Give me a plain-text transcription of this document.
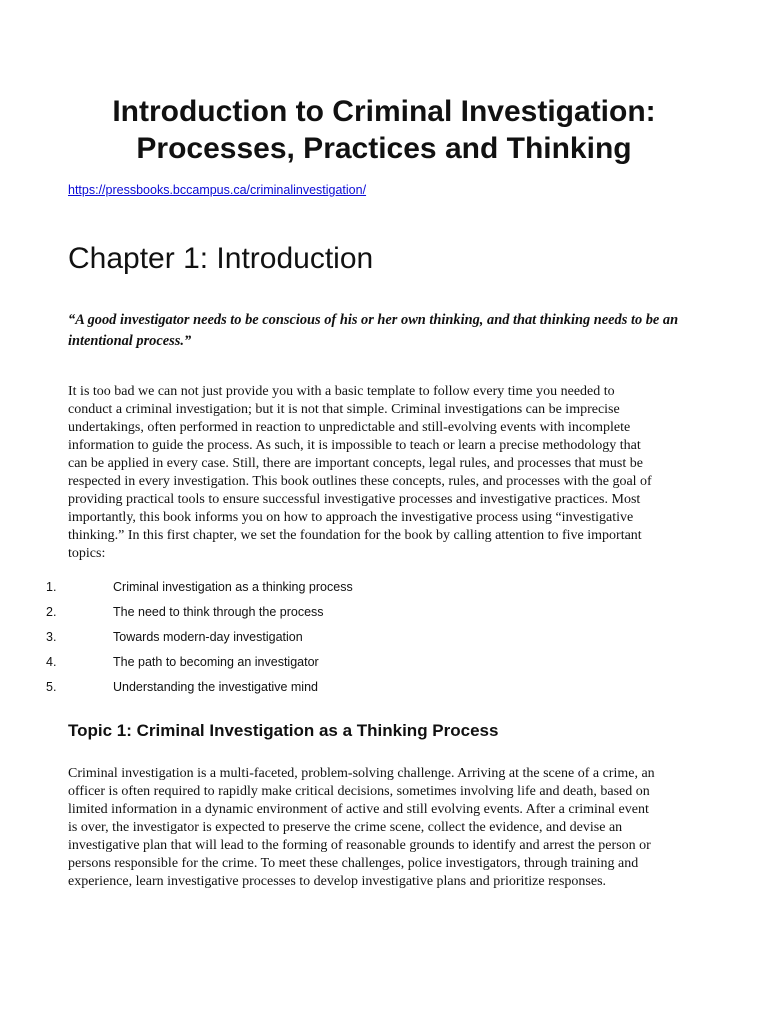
Introduction to Criminal Investigation:
Processes, Practices and Thinking
https://pressbooks.bccampus.ca/criminalinvestigation/
Chapter 1: Introduction

“A good investigator needs to be conscious of his or her own thinking, and that thinking needs to be an intentional process.”

It is too bad we can not just provide you with a basic template to follow every time you needed to
conduct a criminal investigation; but it is not that simple. Criminal investigations can be imprecise
undertakings, often performed in reaction to unpredictable and still-evolving events with incomplete
information to guide the process. As such, it is impossible to teach or learn a precise methodology that
can be applied in every case. Still, there are important concepts, legal rules, and processes that must be
respected in every investigation. This book outlines these concepts, rules, and processes with the goal of
providing practical tools to ensure successful investigative processes and investigative practices. Most
importantly, this book informs you on how to approach the investigative process using “investigative
thinking.” In this first chapter, we set the foundation for the book by calling attention to five important
topics:

1.	Criminal investigation as a thinking process
2.	The need to think through the process
3.	Towards modern-day investigation
4.	The path to becoming an investigator
5.	Understanding the investigative mind
Topic 1: Criminal Investigation as a Thinking Process

Criminal investigation is a multi-faceted, problem-solving challenge. Arriving at the scene of a crime, an
officer is often required to rapidly make critical decisions, sometimes involving life and death, based on
limited information in a dynamic environment of active and still evolving events. After a criminal event
is over, the investigator is expected to preserve the crime scene, collect the evidence, and devise an
investigative plan that will lead to the forming of reasonable grounds to identify and arrest the person or
persons responsible for the crime. To meet these challenges, police investigators, through training and
experience, learn investigative processes to develop investigative plans and prioritize responses.
